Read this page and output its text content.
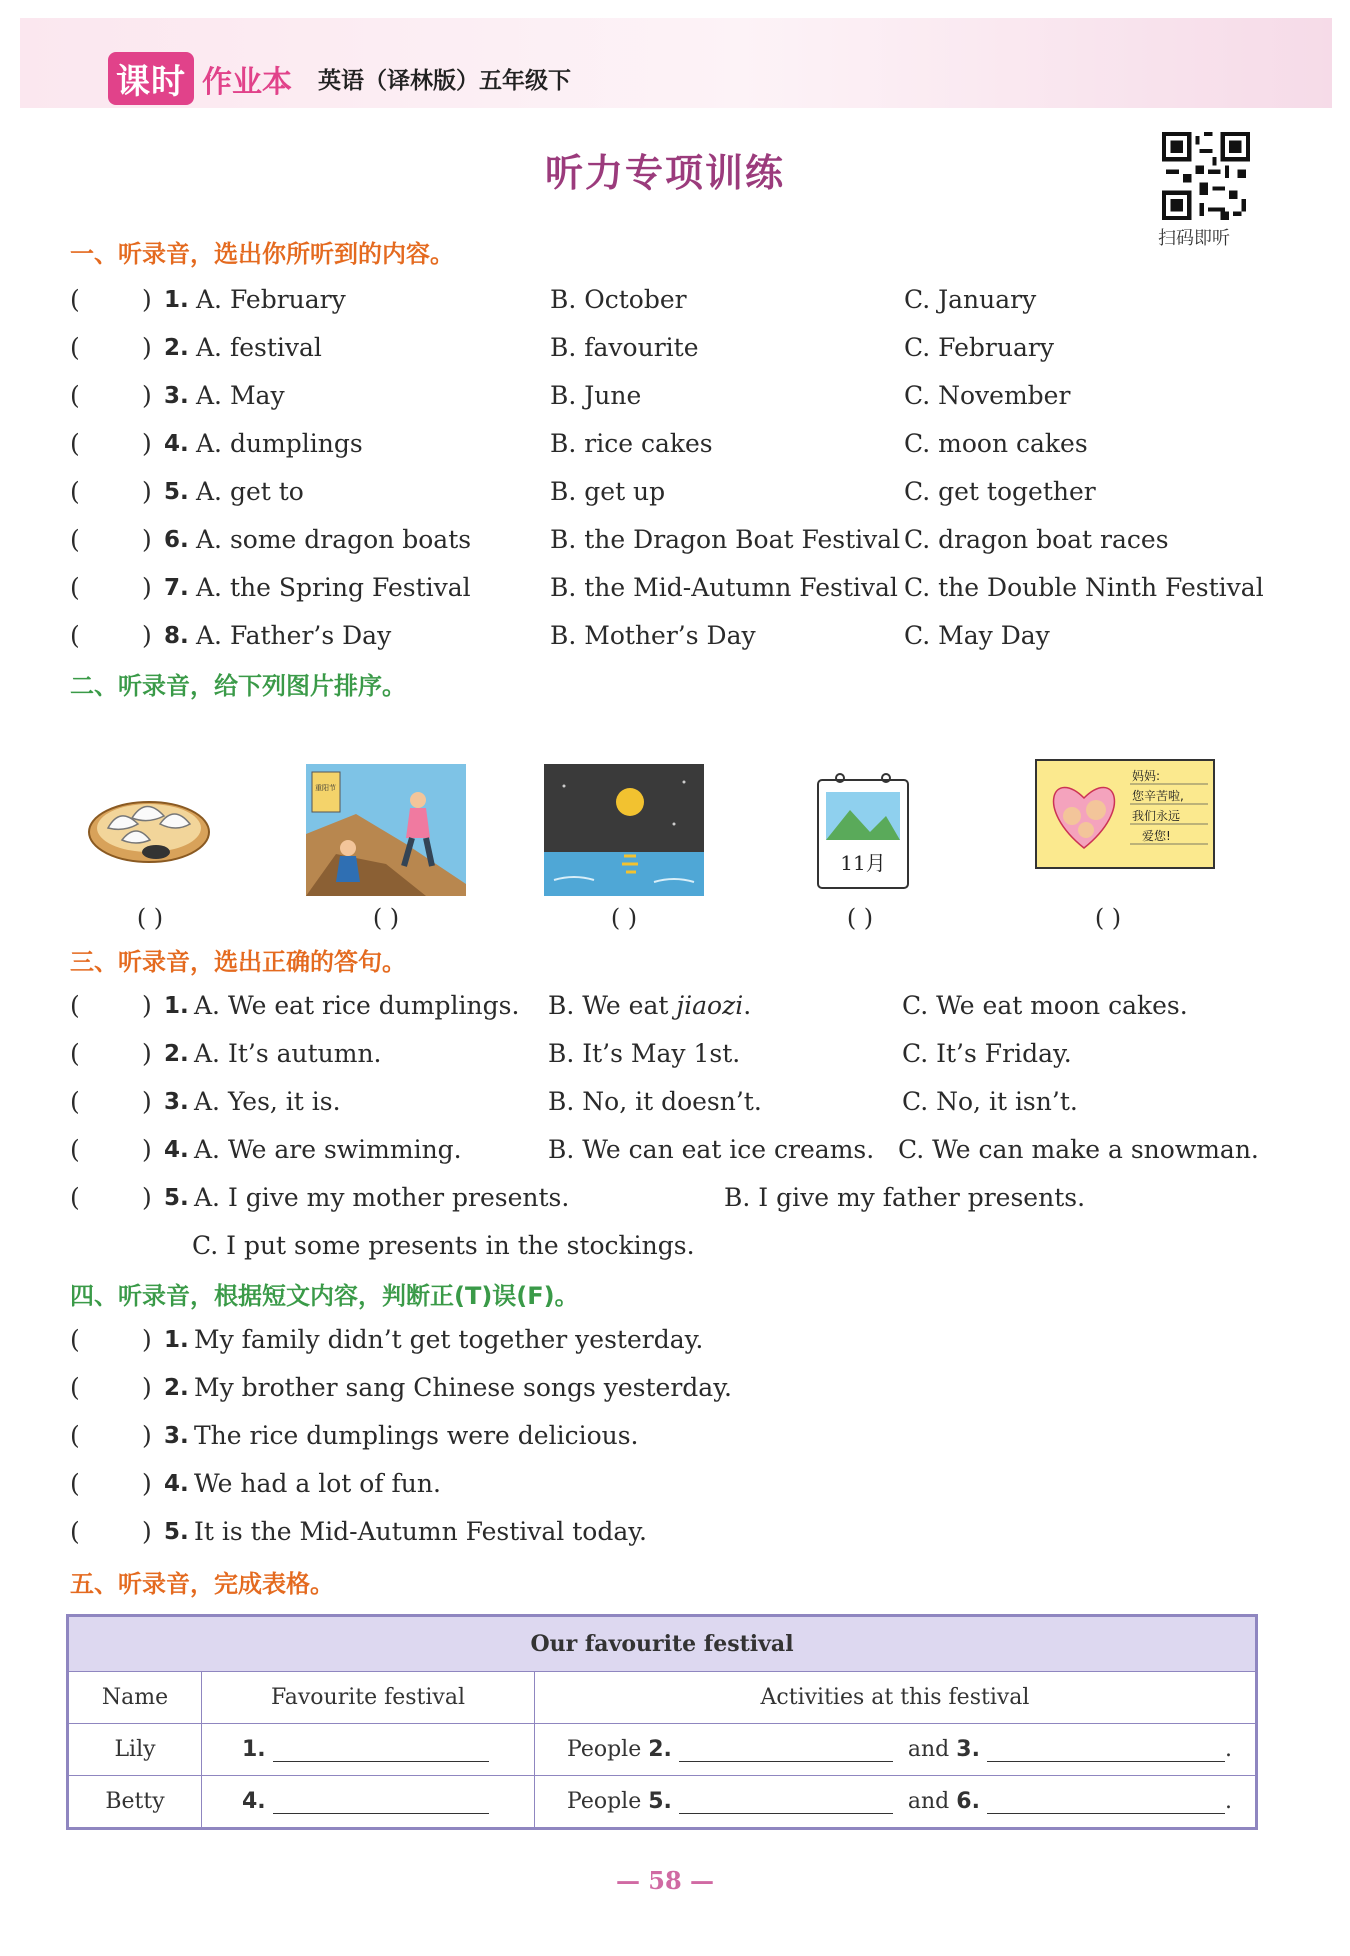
课时 作业本 英语（译林版）五年级下
听力专项训练
扫码即听
一、听录音，选出你所听到的内容。
( ) 1. A. February	B. October	C. January
( ) 2. A. festival	B. favourite	C. February
( ) 3. A. May	B. June	C. November
( ) 4. A. dumplings	B. rice cakes	C. moon cakes
( ) 5. A. get to	B. get up	C. get together
( ) 6. A. some dragon boats	B. the Dragon Boat Festival C. dragon boat races
( ) 7. A. the Spring Festival	B. the Mid-Autumn Festival C. the Double Ninth Festival
( ) 8. A. Father’s Day	B. Mother’s Day	C. May Day
二、听录音，给下列图片排序。
( )
重阳节
( )	( )
11月
( )
妈妈:
您辛苦啦,
我们永远
爱您!
( )
三、听录音，选出正确的答句。
( ) 1. A. We eat rice dumplings. B. We eat jiaozi.	C. We eat moon cakes.
( ) 2. A. It’s autumn.	B. It’s May 1st.	C. It’s Friday.
( ) 3. A. Yes, it is.	B. No, it doesn’t.	C. No, it isn’t.
( ) 4. A. We are swimming.	B. We can eat ice creams. C. We can make a snowman.
( ) 5. A. I give my mother presents.	B. I give my father presents.
C. I put some presents in the stockings.
四、听录音，根据短文内容，判断正(T)误(F)。
( ) 1. My family didn’t get together yesterday.
( ) 2. My brother sang Chinese songs yesterday.
( ) 3. The rice dumplings were delicious.
( ) 4. We had a lot of fun.
( ) 5. It is the Mid-Autumn Festival today.
五、听录音，完成表格。
Our favourite festival		
Name	Favourite festival	Activities at this festival
Lily	1.	People 2. and 3. .
Betty	4.	People 5. and 6. .
— 58 —
